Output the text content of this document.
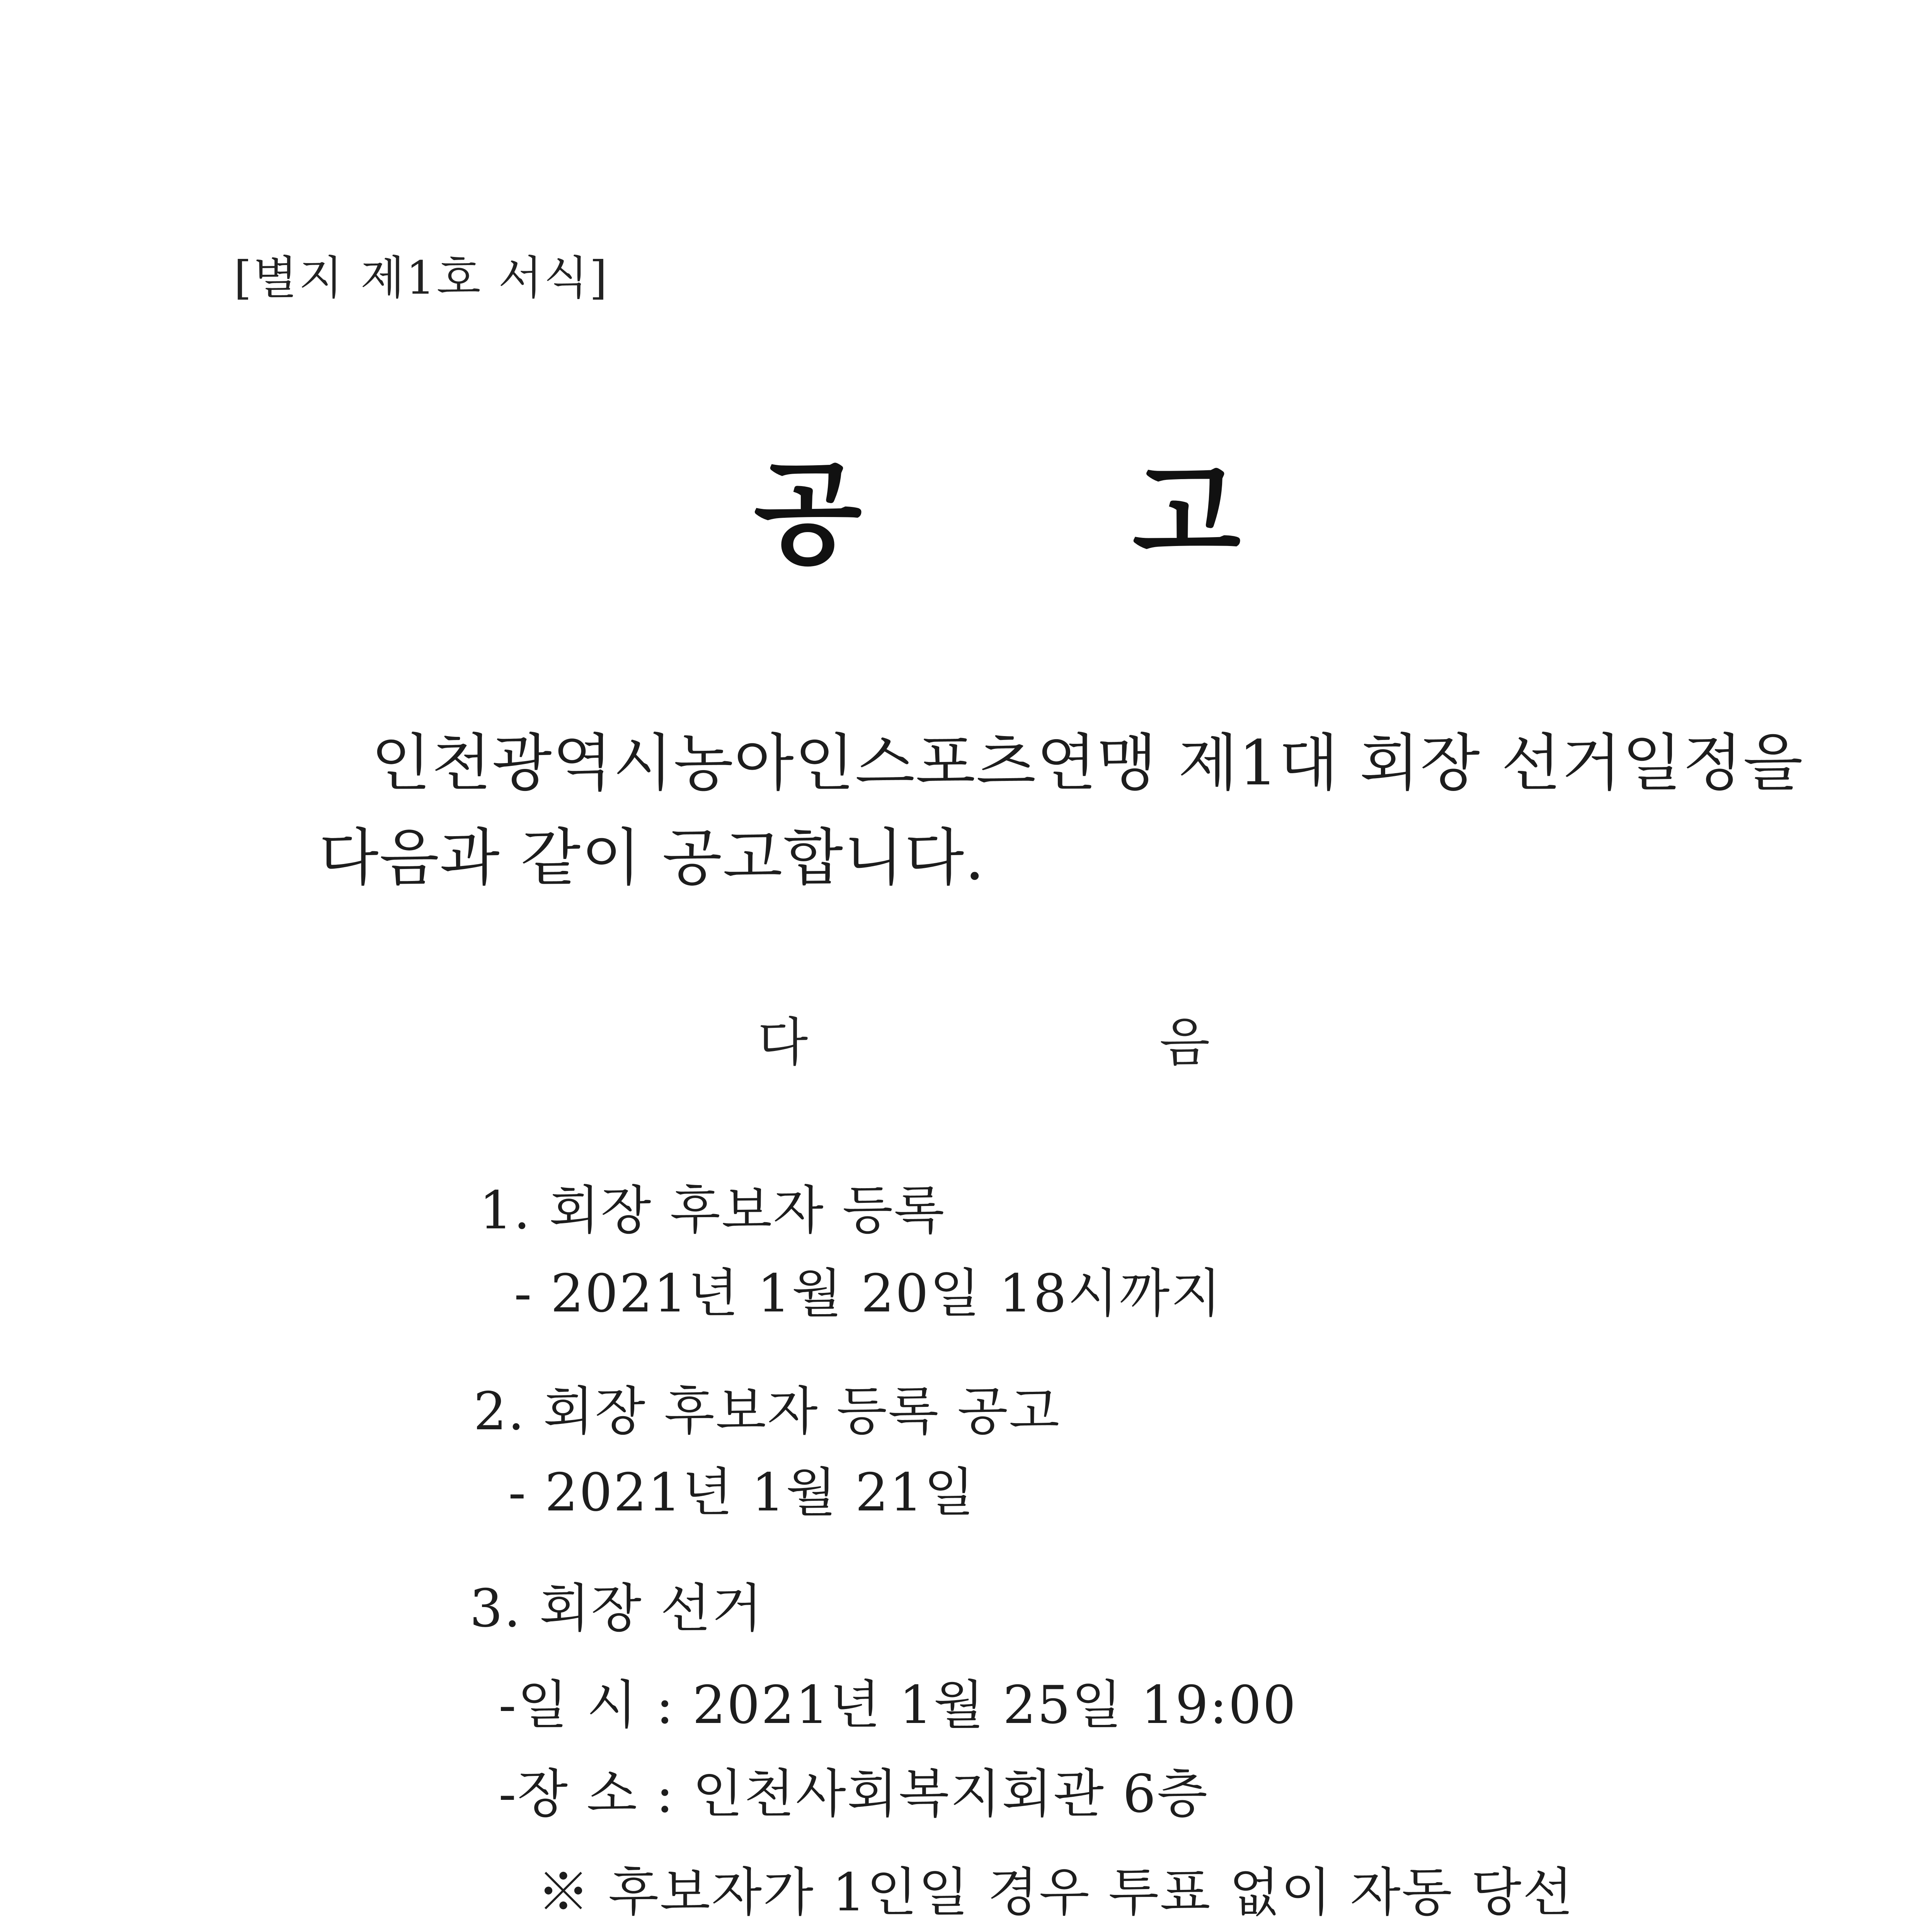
[별지 제1호 서식]
공 고
인천광역시농아인스포츠연맹 제1대 회장 선거일정을
다음과 같이 공고합니다.
다	음
1. 회장 후보자 등록
- 2021년 1월 20일 18시까지
2. 회장 후보자 등록 공고
- 2021년 1월 21일
3. 회장 선거
-일 시 : 2021년 1월 25일 19:00
-장 소 : 인천사회복지회관 6층
※ 후보자가 1인일 경우 투표 없이 자동 당선
